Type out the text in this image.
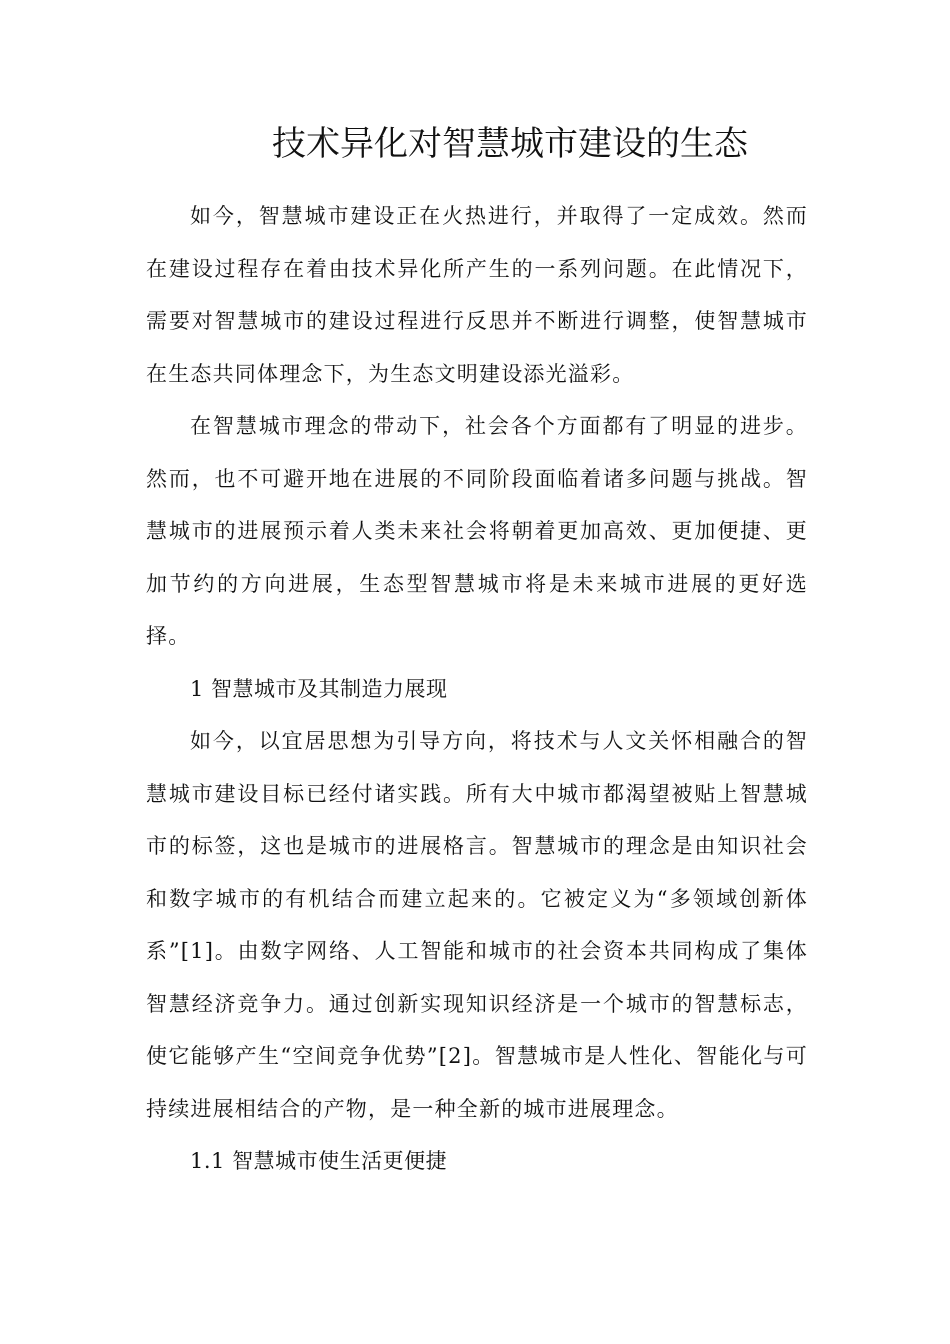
技术异化对智慧城市建设的生态

如今，智慧城市建设正在火热进行，并取得了一定成效。然而在建设过程存在着由技术异化所产生的一系列问题。在此情况下，需要对智慧城市的建设过程进行反思并不断进行调整，使智慧城市在生态共同体理念下，为生态文明建设添光溢彩。

在智慧城市理念的带动下，社会各个方面都有了明显的进步。然而，也不可避开地在进展的不同阶段面临着诸多问题与挑战。智慧城市的进展预示着人类未来社会将朝着更加高效、更加便捷、更加节约的方向进展，生态型智慧城市将是未来城市进展的更好选择。

1 智慧城市及其制造力展现

如今，以宜居思想为引导方向，将技术与人文关怀相融合的智慧城市建设目标已经付诸实践。所有大中城市都渴望被贴上智慧城市的标签，这也是城市的进展格言。智慧城市的理念是由知识社会和数字城市的有机结合而建立起来的。它被定义为“多领域创新体系”[1]。由数字网络、人工智能和城市的社会资本共同构成了集体智慧经济竞争力。通过创新实现知识经济是一个城市的智慧标志，使它能够产生“空间竞争优势”[2]。智慧城市是人性化、智能化与可持续进展相结合的产物，是一种全新的城市进展理念。

1.1 智慧城市使生活更便捷
